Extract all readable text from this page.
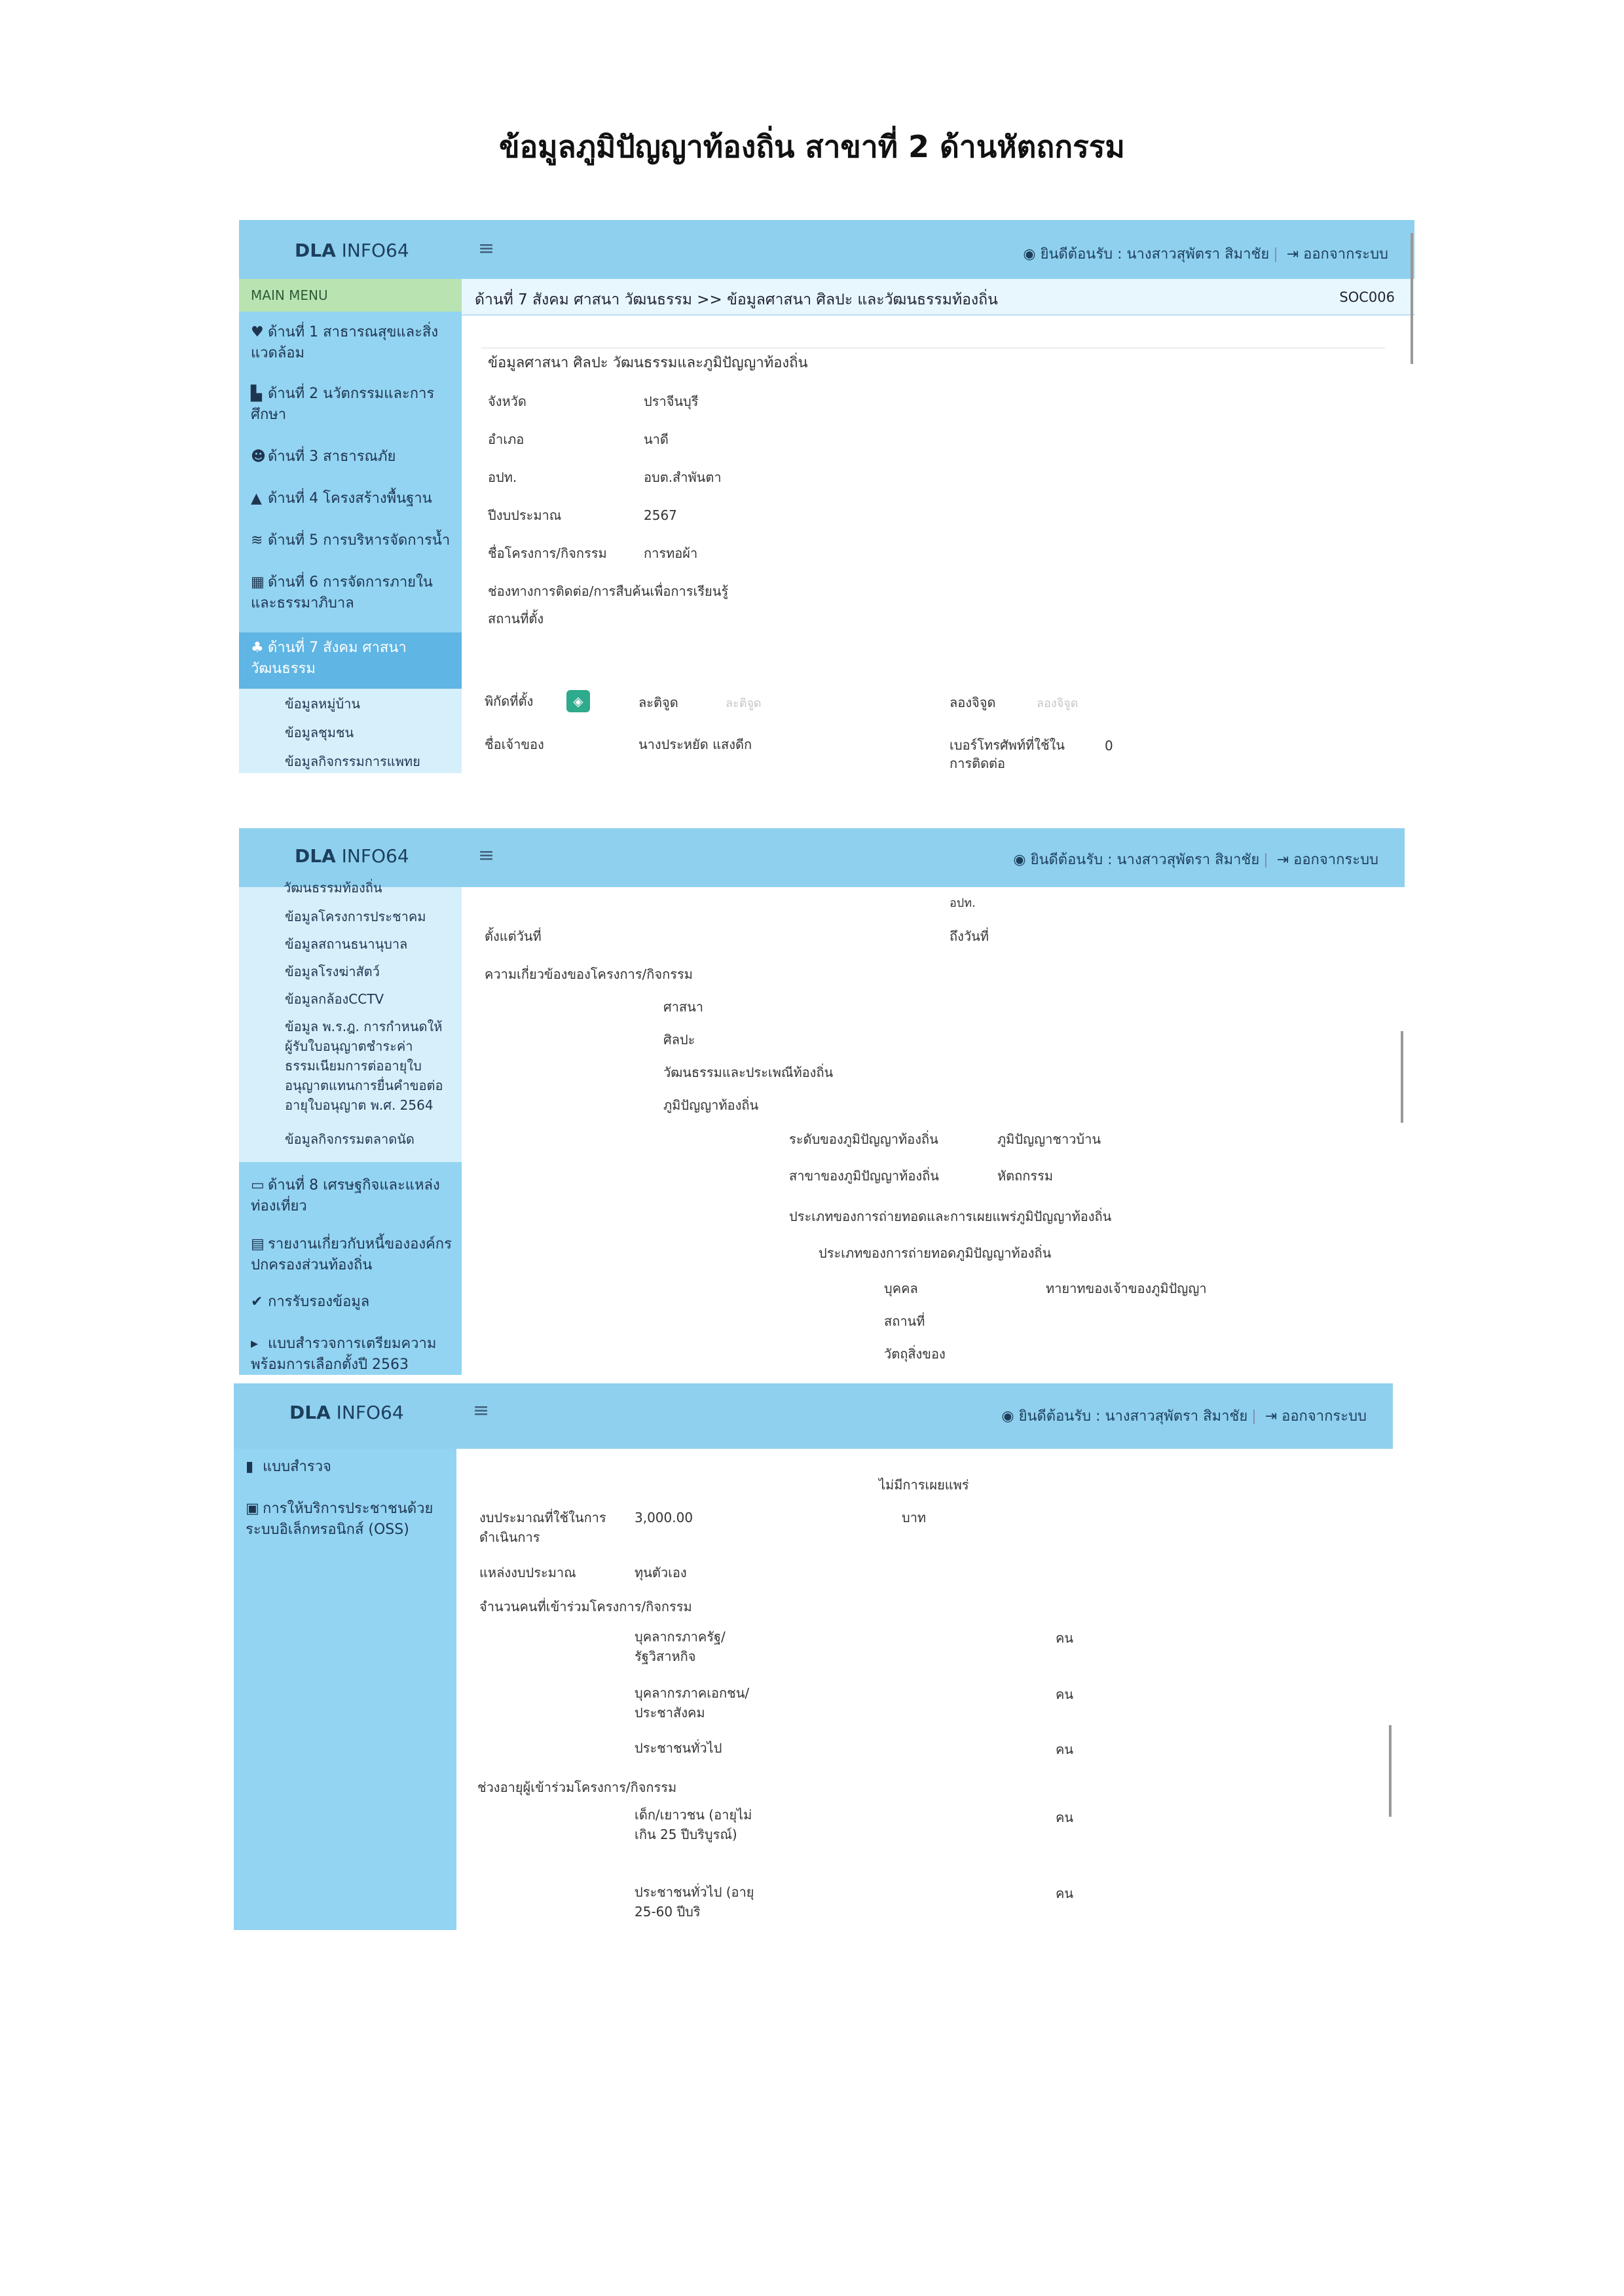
ข้อมูลภูมิปัญญาท้องถิ่น สาขาที่ 2 ด้านหัตถกรรม
DLA INFO64	≡	◉ ยินดีต้อนรับ : นางสาวสุพัตรา สิมาชัย | ⇥ ออกจากระบบ
MAIN MENU
♥ ด้านที่ 1 สาธารณสุขและสิ่งแวดล้อม
▙ ด้านที่ 2 นวัตกรรมและการศึกษา
☻ ด้านที่ 3 สาธารณภัย
▲ ด้านที่ 4 โครงสร้างพื้นฐาน
≋ ด้านที่ 5 การบริหารจัดการน้ำ
▦ ด้านที่ 6 การจัดการภายในและธรรมาภิบาล
♣ ด้านที่ 7 สังคม ศาสนา วัฒนธรรม
ข้อมูลหมู่บ้าน
ข้อมูลชุมชน
ข้อมูลกิจกรรมการแพทย
ด้านที่ 7 สังคม ศาสนา วัฒนธรรม >> ข้อมูลศาสนา ศิลปะ และวัฒนธรรมท้องถิ่น	SOC006
ข้อมูลศาสนา ศิลปะ วัฒนธรรมและภูมิปัญญาท้องถิ่น
จังหวัด	ปราจีนบุรี
อำเภอ	นาดี
อปท.	อบต.สำพันตา
ปีงบประมาณ	2567
ชื่อโครงการ/กิจกรรม	การทอผ้า
ช่องทางการติดต่อ/การสืบค้นเพื่อการเรียนรู้
สถานที่ตั้ง
พิกัดที่ตั้ง	◈	ละติจูด	ละติจูด	ลองจิจูด	ลองจิจูด
ชื่อเจ้าของ	นางประหยัด แสงดีก	เบอร์โทรศัพท์ที่ใช้ใน
การติดต่อ
0
DLA INFO64	≡	◉ ยินดีต้อนรับ : นางสาวสุพัตรา สิมาชัย | ⇥ ออกจากระบบ
วัฒนธรรมท้องถิ่น
ข้อมูลโครงการประชาคม
ข้อมูลสถานธนานุบาล
ข้อมูลโรงฆ่าสัตว์
ข้อมูลกล้องCCTV
ข้อมูล พ.ร.ฎ. การกำหนดให้ผู้รับใบอนุญาตชำระค่าธรรมเนียมการต่ออายุใบอนุญาตแทนการยื่นคำขอต่ออายุใบอนุญาต พ.ศ. 2564
ข้อมูลกิจกรรมตลาดนัด
▭ ด้านที่ 8 เศรษฐกิจและแหล่งท่องเที่ยว
▤ รายงานเกี่ยวกับหนี้ขององค์กรปกครองส่วนท้องถิ่น
✔ การรับรองข้อมูล
▸ แบบสำรวจการเตรียมความพร้อมการเลือกตั้งปี 2563
อปท.
ตั้งแต่วันที่	ถึงวันที่
ความเกี่ยวข้องของโครงการ/กิจกรรม
ศาสนา
ศิลปะ
วัฒนธรรมและประเพณีท้องถิ่น
ภูมิปัญญาท้องถิ่น
ระดับของภูมิปัญญาท้องถิ่น	ภูมิปัญญาชาวบ้าน
สาขาของภูมิปัญญาท้องถิ่น	หัตถกรรม
ประเภทของการถ่ายทอดและการเผยแพร่ภูมิปัญญาท้องถิ่น
ประเภทของการถ่ายทอดภูมิปัญญาท้องถิ่น
บุคคล	ทายาทของเจ้าของภูมิปัญญา
สถานที่
วัตถุสิ่งของ
DLA INFO64	≡	◉ ยินดีต้อนรับ : นางสาวสุพัตรา สิมาชัย | ⇥ ออกจากระบบ
▮ แบบสำรวจ
▣ การให้บริการประชาชนด้วยระบบอิเล็กทรอนิกส์ (OSS)
ไม่มีการเผยแพร่
งบประมาณที่ใช้ในการดำเนินการ
3,000.00	บาท
แหล่งงบประมาณ	ทุนตัวเอง
จำนวนคนที่เข้าร่วมโครงการ/กิจกรรม
บุคลากรภาครัฐ/รัฐวิสาหกิจ
คน
บุคลากรภาคเอกชน/ประชาสังคม
คน
ประชาชนทั่วไป	คน
ช่วงอายุผู้เข้าร่วมโครงการ/กิจกรรม
เด็ก/เยาวชน (อายุไม่เกิน 25 ปีบริบูรณ์)
คน
ประชาชนทั่วไป (อายุ 25-60 ปีบริ
คน
